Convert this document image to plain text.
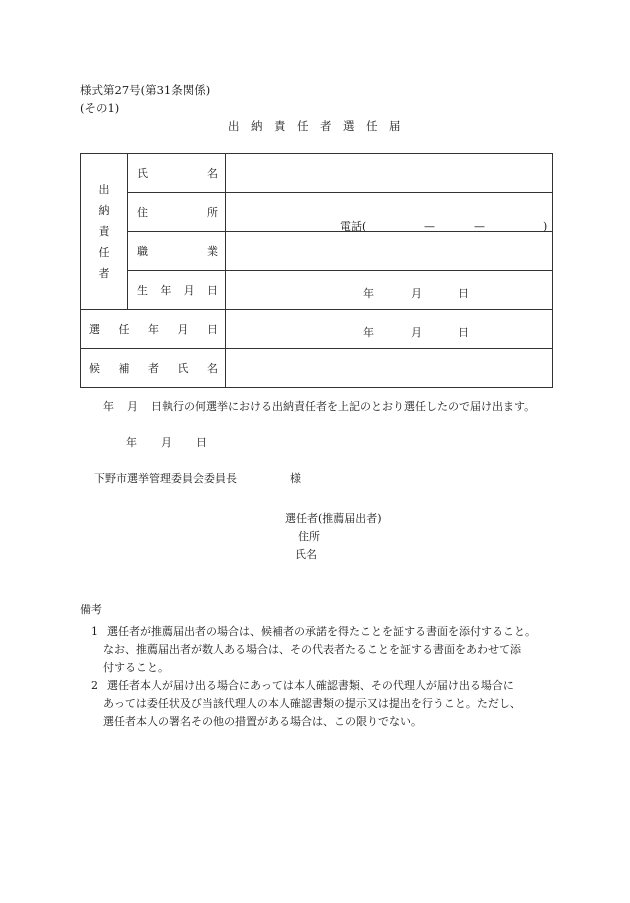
様式第27号(第31条関係)
(その1)
出納責任者選任届
出
納
責
任
者	氏 名	

	住 所	電話( — — )

	職 業	

	生 年 月 日	年 月 日

選 任 年 月 日		年 月 日

候 補 者 氏 名		

年 月 日執行の何選挙における出納責任者を上記のとおり選任したので届け出ます。
年 月 日
下野市選挙管理委員会委員長	様
選任者(推薦届出者)
住所
氏名
備考
1 選任者が推薦届出者の場合は、候補者の承諾を得たことを証する書面を添付すること。
なお、推薦届出者が数人ある場合は、その代表者たることを証する書面をあわせて添
付すること。
2 選任者本人が届け出る場合にあっては本人確認書類、その代理人が届け出る場合に
あっては委任状及び当該代理人の本人確認書類の提示又は提出を行うこと。ただし、
選任者本人の署名その他の措置がある場合は、この限りでない。
